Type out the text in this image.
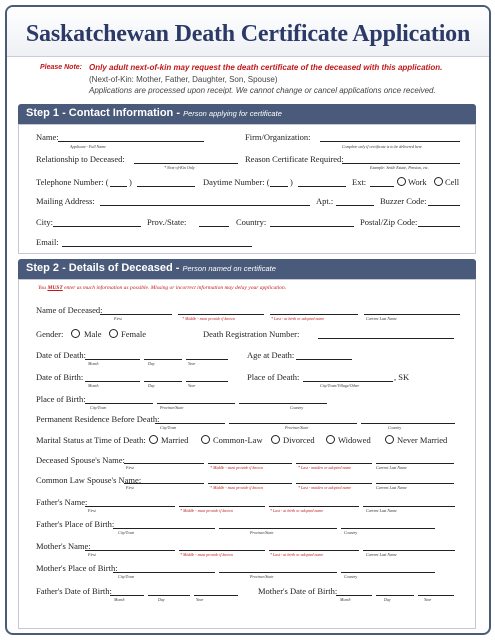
Saskatchewan Death Certificate Application
Please Note: Only adult next-of-kin may request the death certificate of the deceased with this application.
(Next-of-Kin: Mother, Father, Daughter, Son, Spouse)
Applications are processed upon receipt. We cannot change or cancel applications once received.
Step 1 - Contact Information - Person applying for certificate
Name:
Applicant - Full Name
Firm/Organization:
Complete only if certificate is to be delivered here
Relationship to Deceased:
* Next-of-Kin Only
Reason Certificate Required:
Example: Settle Estate, Pension, etc.
Telephone Number: ( )	Daytime Number: ( )	Ext:	Work Cell
Mailing Address:	Apt.:	Buzzer Code:
City:	Prov./State:	Country:	Postal/Zip Code:
Email:
Step 2 - Details of Deceased - Person named on certificate
You MUST enter as much information as possible. Missing or incorrect information may delay your application.
Name of Deceased:
First	* Middle - must provide if known	* Last - at birth or adopted name	Current Last Name
Gender: Male Female	Death Registration Number:
Date of Death:
Month	Day	Year
Age at Death:
Date of Birth:
Month	Day	Year
Place of Death:	, SK
City/Town/Village/Other
Place of Birth:
City/Town	Province/State	Country
Permanent Residence Before Death:
City/Town	Province/State	Country
Marital Status at Time of Death: Married	Common-Law Divorced	Widowed	Never Married
Deceased Spouse's Name:
First	* Middle - must provide if known	* Last - maiden or adopted name	Current Last Name
Common Law Spouse's Name:
First	* Middle - must provide if known	* Last - maiden or adopted name	Current Last Name
Father's Name:
First	* Middle - must provide if known	* Last - at birth or adopted name	Current Last Name
Father's Place of Birth:
City/Town	Province/State	Country
Mother's Name:
First	* Middle - must provide if known	* Last - at birth or adopted name	Current Last Name
Mother's Place of Birth:
City/Town	Province/State	Country
Father's Date of Birth:
Month	Day	Year
Mother's Date of Birth:
Month	Day	Year
